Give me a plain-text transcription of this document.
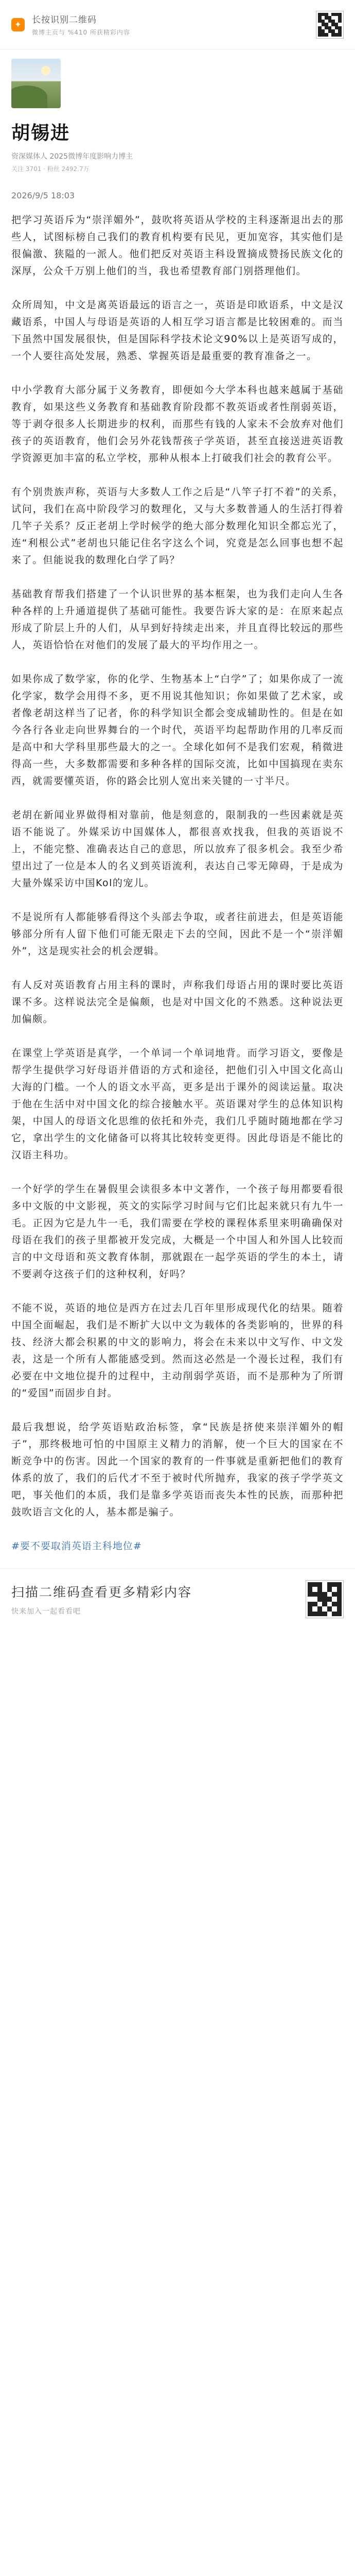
✦	长按识别二维码
微博主页与 %410 所获精彩内容
胡锡进
资深媒体人 2025微博年度影响力博主
关注 3701 · 粉丝 2492.7万
2026/9/5 18:03

把学习英语斥为“崇洋媚外”，鼓吹将英语从学校的主科逐渐退出去的那些人，试图标榜自己我们的教育机构要有民见，更加宽容，其实他们是很偏激、狭隘的一派人。他们把反对英语主科设置摘成赞扬民族文化的深厚，公众千万别上他们的当，我也希望教育部门别搭理他们。

众所周知，中文是离英语最远的语言之一，英语是印欧语系，中文是汉藏语系，中国人与母语是英语的人相互学习语言都是比较困难的。而当下虽然中国发展很快，但是国际科学技术论文90%以上是英语写成的，一个人要往高处发展，熟悉、掌握英语是最重要的教育准备之一。

中小学教育大部分属于义务教育，即便如今大学本科也越来越属于基础教育，如果这些义务教育和基础教育阶段都不教英语或者性削弱英语，等于剥夺很多人长期进步的权利，而那些有钱的人家未不会放弃对他们孩子的英语教育，他们会另外花钱帮孩子学英语，甚至直接送进英语教学资源更加丰富的私立学校，那种从根本上打破我们社会的教育公平。

有个别贵族声称，英语与大多数人工作之后是“八竿子打不着”的关系，试问，我们在高中阶段学习的数理化，又与大多数普通人的生活打得着几竿子关系？反正老胡上学时候学的绝大部分数理化知识全都忘光了，连“利根公式”老胡也只能记住名字这么个词，究竟是怎么回事也想不起来了。但能说我的数理化白学了吗？

基础教育帮我们搭建了一个认识世界的基本框架，也为我们走向人生各种各样的上升通道提供了基础可能性。我要告诉大家的是：在原来起点形成了阶层上升的人们，从早到好持续走出来，并且直得比较远的那些人，英语恰恰在对他们的发展了最大的平均作用之一。

如果你成了数学家，你的化学、生物基本上“白学”了；如果你成了一流化学家，数学会用得不多，更不用说其他知识；你如果做了艺术家，或者像老胡这样当了记者，你的科学知识全都会变成辅助性的。但是在如今各行各业走向世界舞台的一个时代，英语平均起帮助作用的几率反而是高中和大学科里那些最大的之一。全球化如何不是我们宏观，稍微进得高一些，大多数都需要和多种各样的国际交流，比如中国搞现在卖东西，就需要懂英语，你的路会比别人宽出来关键的一寸半尺。

老胡在新闻业界做得相对靠前，他是刻意的，限制我的一些因素就是英语不能说了。外媒采访中国媒体人，都很喜欢找我，但我的英语说不上，不能完整、准确表达自己的意思，所以放弃了很多机会。我至少希望出过了一位是本人的名义到英语流利，表达自己零无障碍，于是成为大量外媒采访中国Kol的宠儿。

不是说所有人都能够看得这个头部去争取，或者往前进去，但是英语能够部分所有人留下他们可能无限走下去的空间，因此不是一个“崇洋媚外”，这是现实社会的机会逻辑。

有人反对英语教育占用主科的课时，声称我们母语占用的课时要比英语课不多。这样说法完全是偏颇，也是对中国文化的不熟悉。这种说法更加偏颇。

在课堂上学英语是真学，一个单词一个单词地背。而学习语文，要像是帮学生提供学习好母语并借语的方式和途径，把他们引入中国文化高山大海的门槛。一个人的语文水平高，更多是出于课外的阅读运量。取决于他在生活中对中国文化的综合接触水平。英语课对学生的总体知识构架，中国人的母语文化思维的依托和外壳，我们几乎随时随地都在学习它，拿出学生的文化储备可以将其比较转变更得。因此母语是不能比的汉语主科功。

一个好学的学生在暑假里会读很多本中文著作，一个孩子每用都要看很多中文版的中文影视，英文的实际学习时间与它们比起来就只有九牛一毛。正因为它是九牛一毛，我们需要在学校的课程体系里来明确确保对母语在我们的孩子里都被开发完成，大概是一个中国人和外国人比较而言的中文母语和英文教育体制，那就跟在一起学英语的学生的本土，请不要剥夺这孩子们的这种权利，好吗？

不能不说，英语的地位是西方在过去几百年里形成现代化的结果。随着中国全面崛起，我们是不断扩大以中文为载体的各类影响的，世界的科技、经济大都会积累的中文的影响力，将会在未来以中文写作、中文发表，这是一个所有人都能感受到。然而这必然是一个漫长过程，我们有必要在中文地位提升的过程中，主动削弱学英语，而不是那种为了所谓的“爱国”而固步自封。

最后我想说，给学英语贴政治标签，拿“民族是挤使来崇洋媚外的帽子”，那终极地可怕的中国原主义精力的消解，使一个巨大的国家在不断竞争中的伤害。因此一个国家的教育的一件事就是重新把他们的教育体系的放了，我们的后代才不至于被时代所抛弃，我家的孩子学学英文吧，事关他们的本质，我们是靠多学英语而丧失本性的民族，而那种把鼓吹语言文化的人，基本都是骗子。

#要不要取消英语主科地位#
扫描二维码查看更多精彩内容
快来加入一起看看吧
